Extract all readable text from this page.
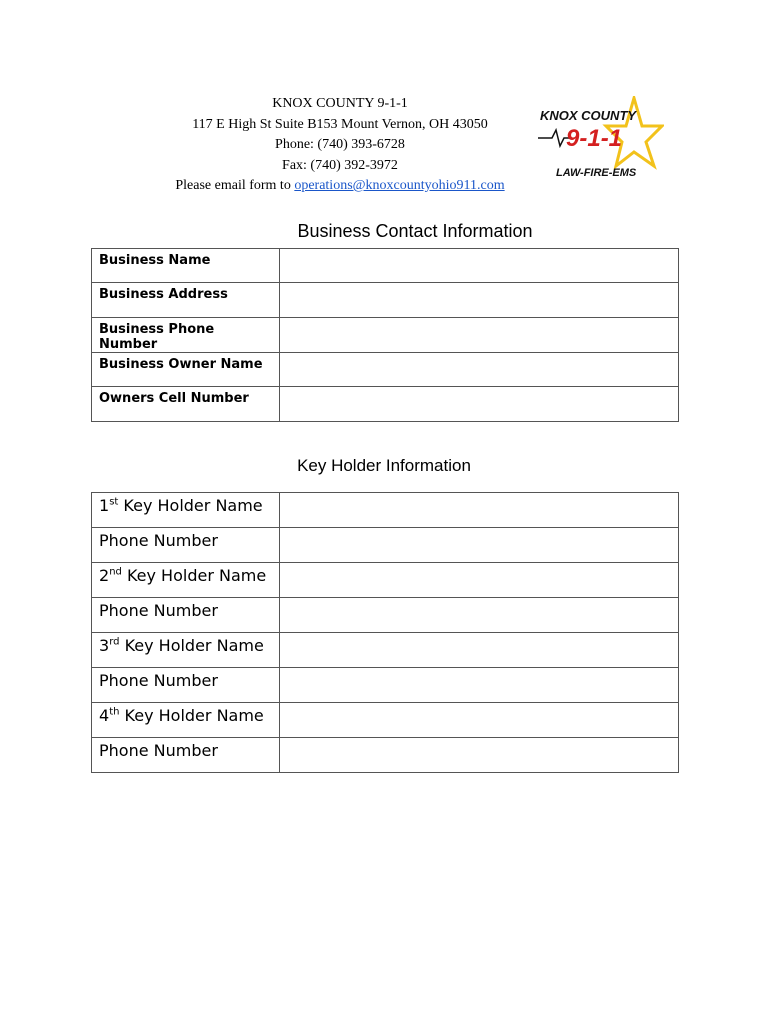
KNOX COUNTY 9-1-1
117 E High St Suite B153 Mount Vernon, OH 43050
Phone: (740) 393-6728
Fax: (740) 392-3972
Please email form to operations@knoxcountyohio911.com
KNOX COUNTY
9-1-1
LAW-FIRE-EMS
Business Contact Information
Business Name	
Business Address	
Business Phone Number	
Business Owner Name	
Owners Cell Number	
Key Holder Information
1st Key Holder Name	
Phone Number	
2nd Key Holder Name	
Phone Number	
3rd Key Holder Name	
Phone Number	
4th Key Holder Name	
Phone Number	
